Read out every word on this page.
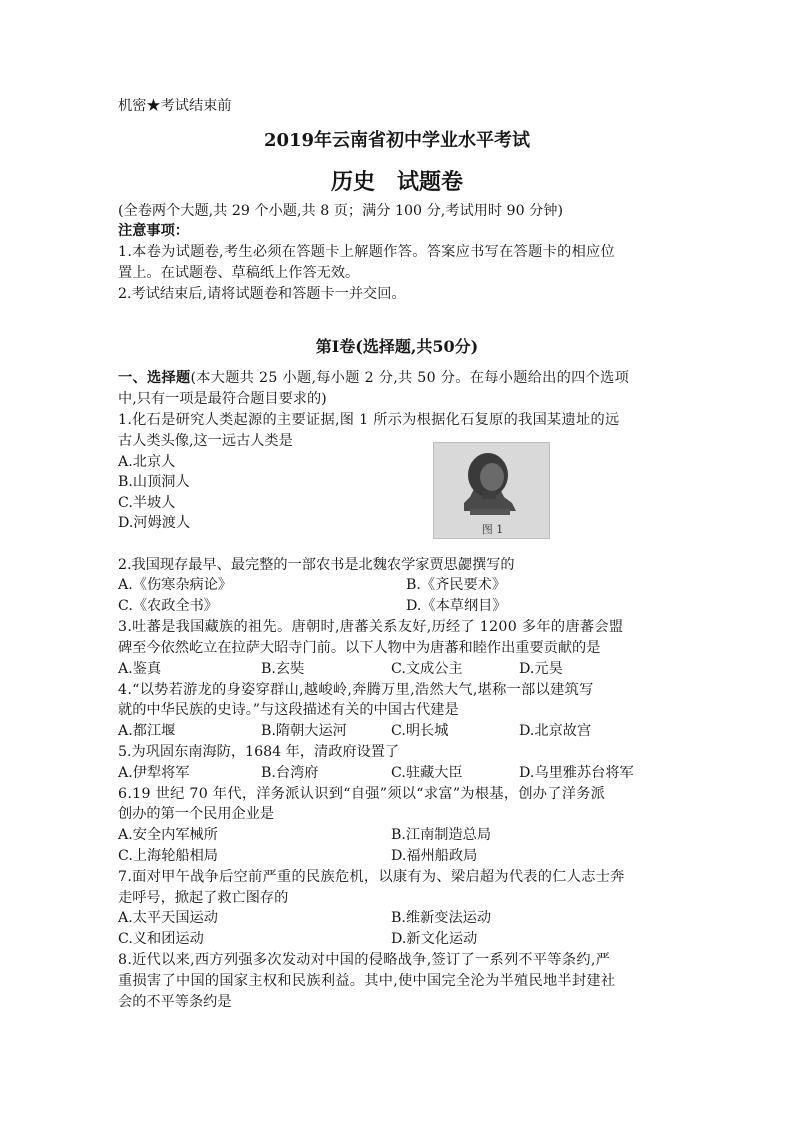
机密★考试结束前
2019年云南省初中学业水平考试
历史　试题卷
(全卷两个大题,共 29 个小题,共 8 页；满分 100 分,考试用时 90 分钟)
注意事项：
1.本卷为试题卷,考生必须在答题卡上解题作答。答案应书写在答题卡的相应位
置上。在试题卷、草稿纸上作答无效。
2.考试结束后,请将试题卷和答题卡一并交回。
第Ⅰ卷(选择题,共50分)
一、选择题(本大题共 25 小题,每小题 2 分,共 50 分。在每小题给出的四个选项
中,只有一项是最符合题目要求的)
1.化石是研究人类起源的主要证据,图 1 所示为根据化石复原的我国某遗址的远
古人类头像,这一远古人类是
A.北京人
B.山顶洞人
C.半坡人
D.河姆渡人	图 1
2.我国现存最早、最完整的一部农书是北魏农学家贾思勰撰写的
A.《伤寒杂病论》	B.《齐民要术》
C.《农政全书》	D.《本草纲目》
3.吐蕃是我国藏族的祖先。唐朝时,唐蕃关系友好,历经了 1200 多年的唐蕃会盟
碑至今依然屹立在拉萨大昭寺门前。以下人物中为唐蕃和睦作出重要贡献的是
A.鉴真	B.玄奘	C.文成公主	D.元昊
4.“以势若游龙的身姿穿群山,越峻岭,奔腾万里,浩然大气,堪称一部以建筑写
就的中华民族的史诗。”与这段描述有关的中国古代建是
A.都江堰	B.隋朝大运河	C.明长城	D.北京故宫
5.为巩固东南海防，1684 年，清政府设置了
A.伊犁将军	B.台湾府	C.驻藏大臣	D.乌里雅苏台将军
6.19 世纪 70 年代，洋务派认识到“自强”须以“求富”为根基，创办了洋务派
创办的第一个民用企业是
A.安全内军械所	B.江南制造总局
C.上海轮船相局	D.福州船政局
7.面对甲午战争后空前严重的民族危机，以康有为、梁启超为代表的仁人志士奔
走呼号，掀起了救亡图存的
A.太平天国运动	B.维新变法运动
C.义和团运动	D.新文化运动
8.近代以来,西方列强多次发动对中国的侵略战争,签订了一系列不平等条约,严
重损害了中国的国家主权和民族利益。其中,使中国完全沦为半殖民地半封建社
会的不平等条约是
